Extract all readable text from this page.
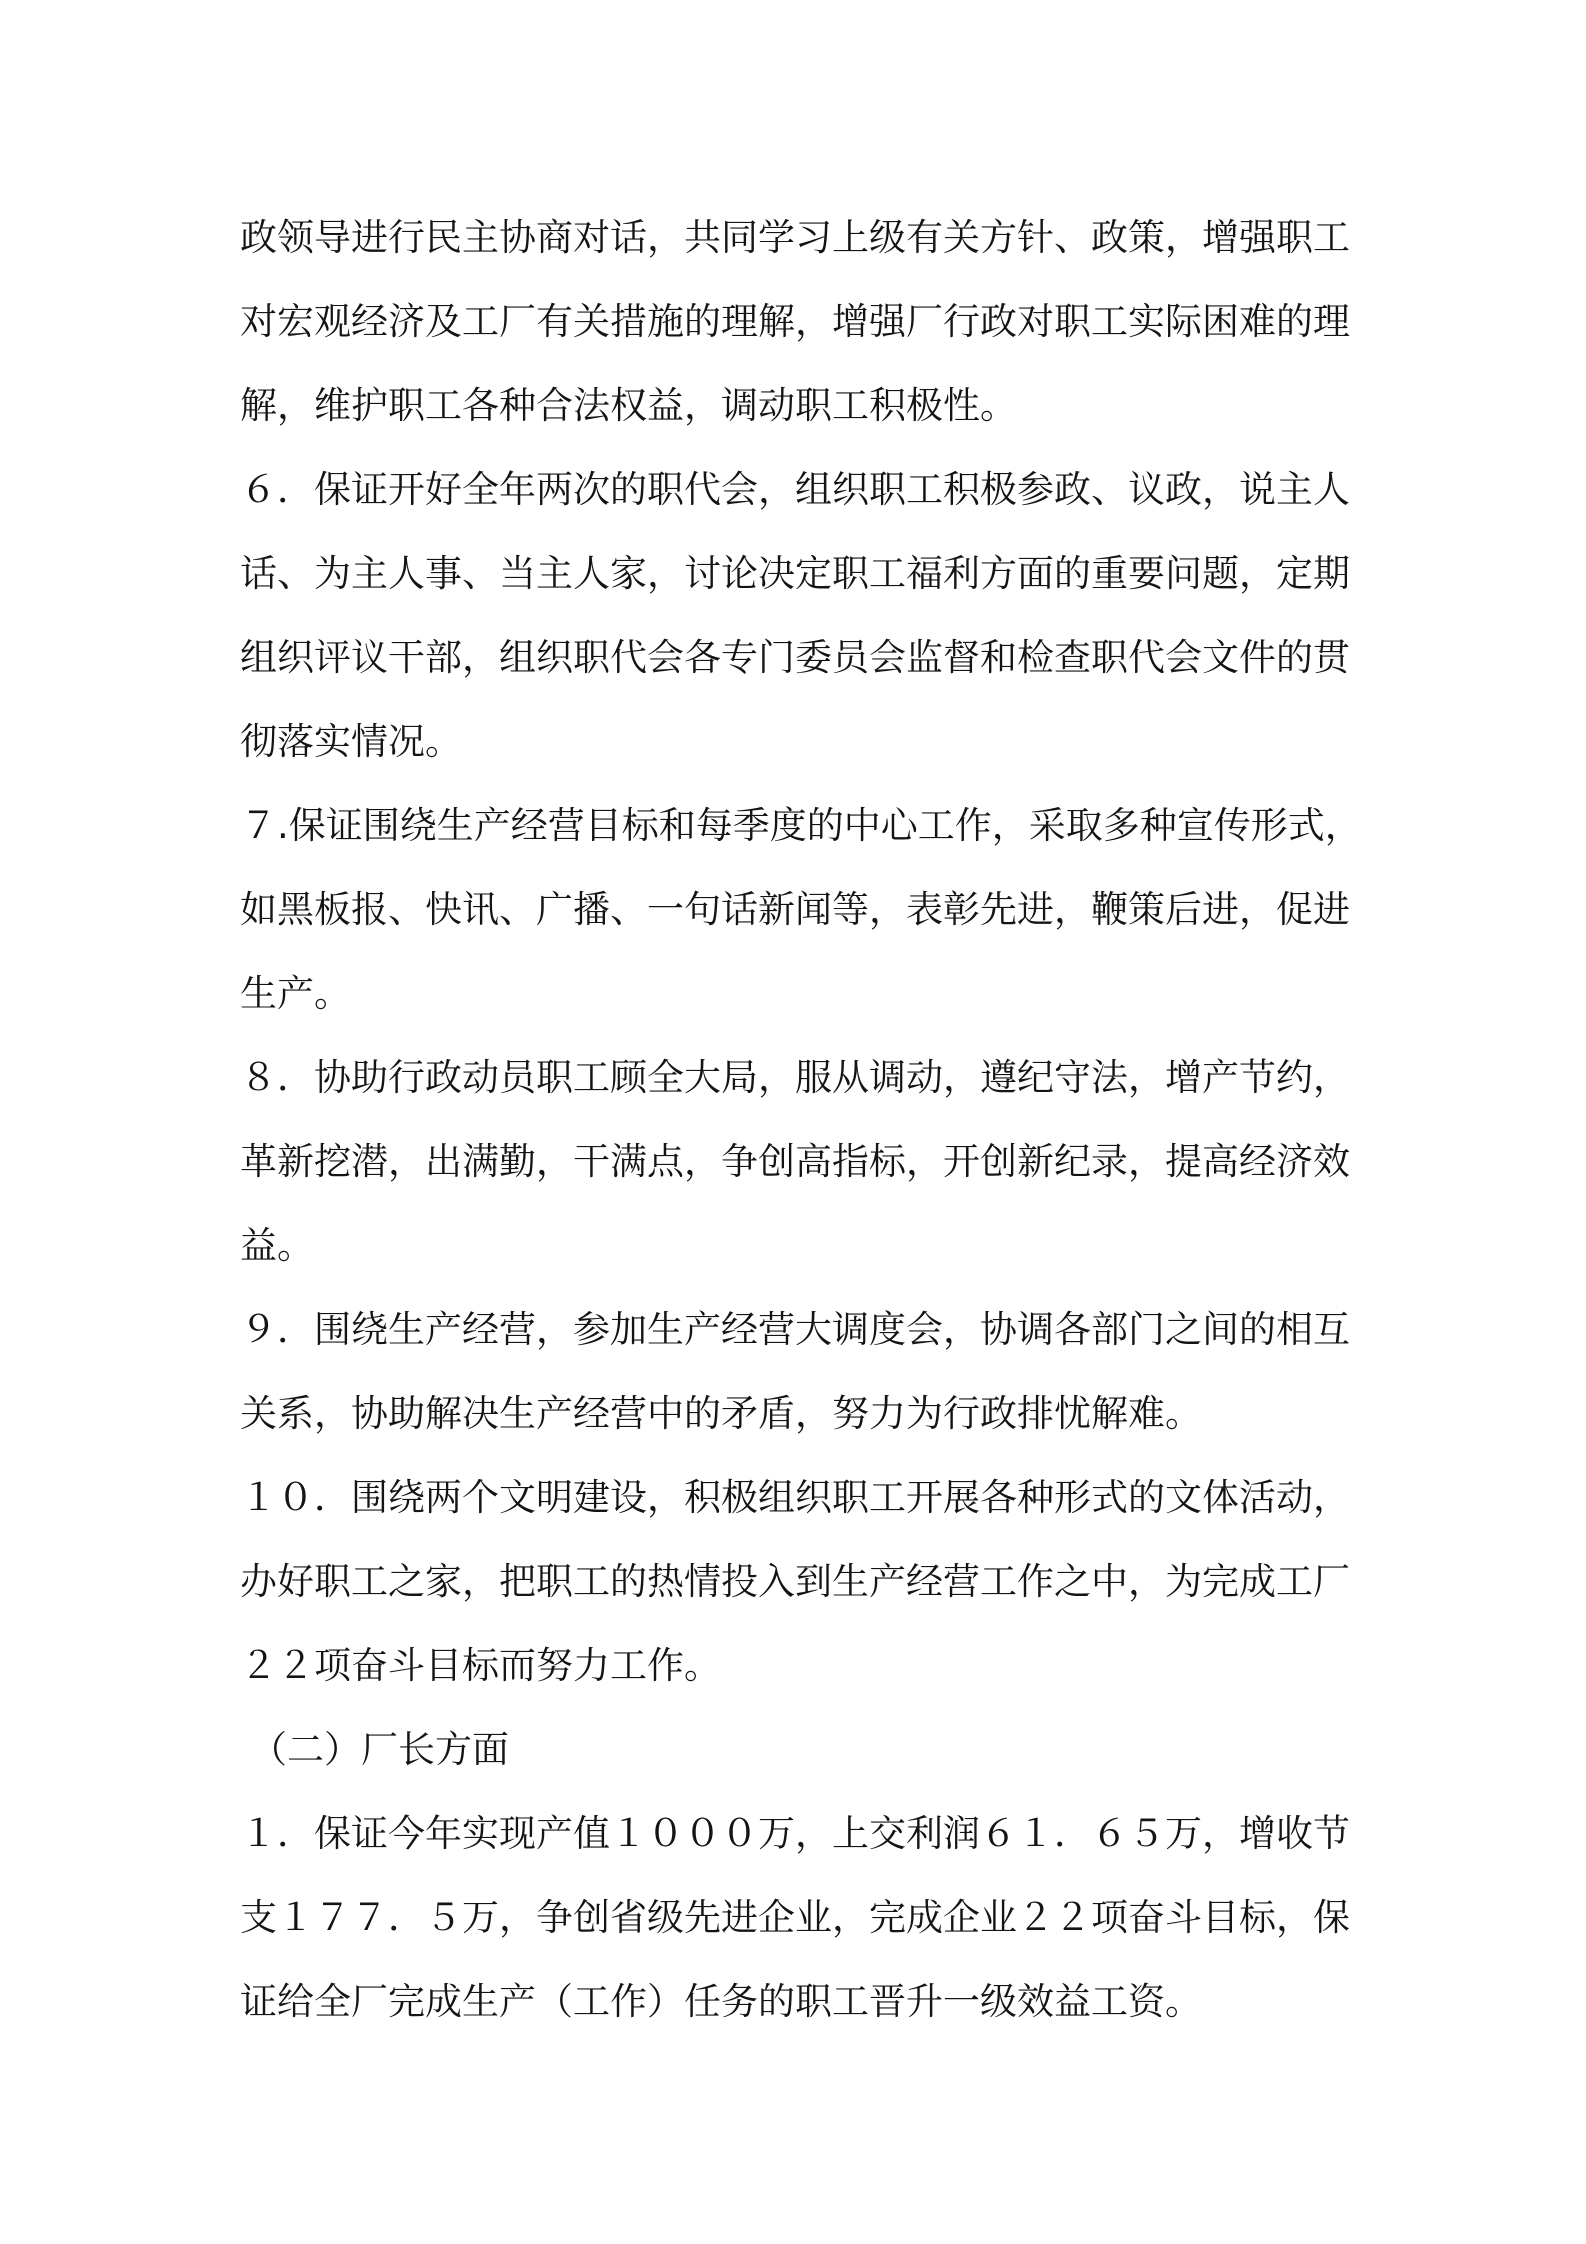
政领导进行民主协商对话，共同学习上级有关方针、政策，增强职工
对宏观经济及工厂有关措施的理解，增强厂行政对职工实际困难的理
解，维护职工各种合法权益，调动职工积极性。
６．保证开好全年两次的职代会，组织职工积极参政、议政，说主人
话、为主人事、当主人家，讨论决定职工福利方面的重要问题，定期
组织评议干部，组织职代会各专门委员会监督和检查职代会文件的贯
彻落实情况。
７.保证围绕生产经营目标和每季度的中心工作，采取多种宣传形式，
如黑板报、快讯、广播、一句话新闻等，表彰先进，鞭策后进，促进
生产。
８．协助行政动员职工顾全大局，服从调动，遵纪守法，增产节约，
革新挖潜，出满勤，干满点，争创高指标，开创新纪录，提高经济效
益。
９．围绕生产经营，参加生产经营大调度会，协调各部门之间的相互
关系，协助解决生产经营中的矛盾，努力为行政排忧解难。
１０．围绕两个文明建设，积极组织职工开展各种形式的文体活动，
办好职工之家，把职工的热情投入到生产经营工作之中，为完成工厂
２２项奋斗目标而努力工作。
（二）厂长方面
１．保证今年实现产值１０００万，上交利润６１．６５万，增收节
支１７７．５万，争创省级先进企业，完成企业２２项奋斗目标，保
证给全厂完成生产（工作）任务的职工晋升一级效益工资。
